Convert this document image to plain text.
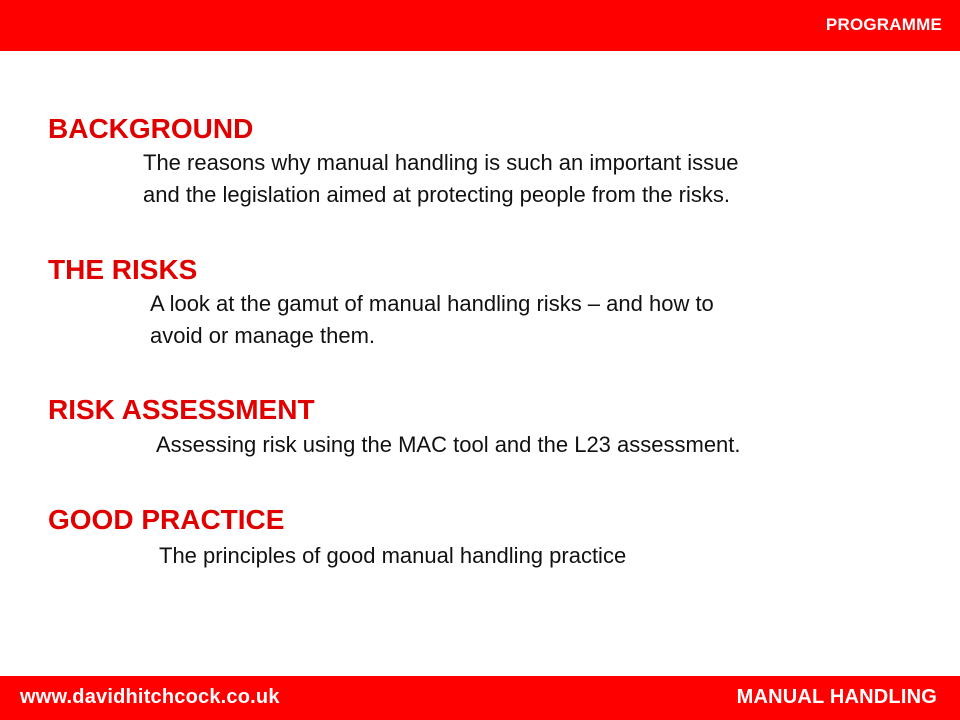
PROGRAMME
BACKGROUND

The reasons why manual handling is such an important issue
and the legislation aimed at protecting people from the risks.

THE RISKS

A look at the gamut of manual handling risks – and how to
avoid or manage them.

RISK ASSESSMENT

Assessing risk using the MAC tool and the L23 assessment.

GOOD PRACTICE

The principles of good manual handling practice

www.davidhitchcock.co.uk	MANUAL HANDLING
